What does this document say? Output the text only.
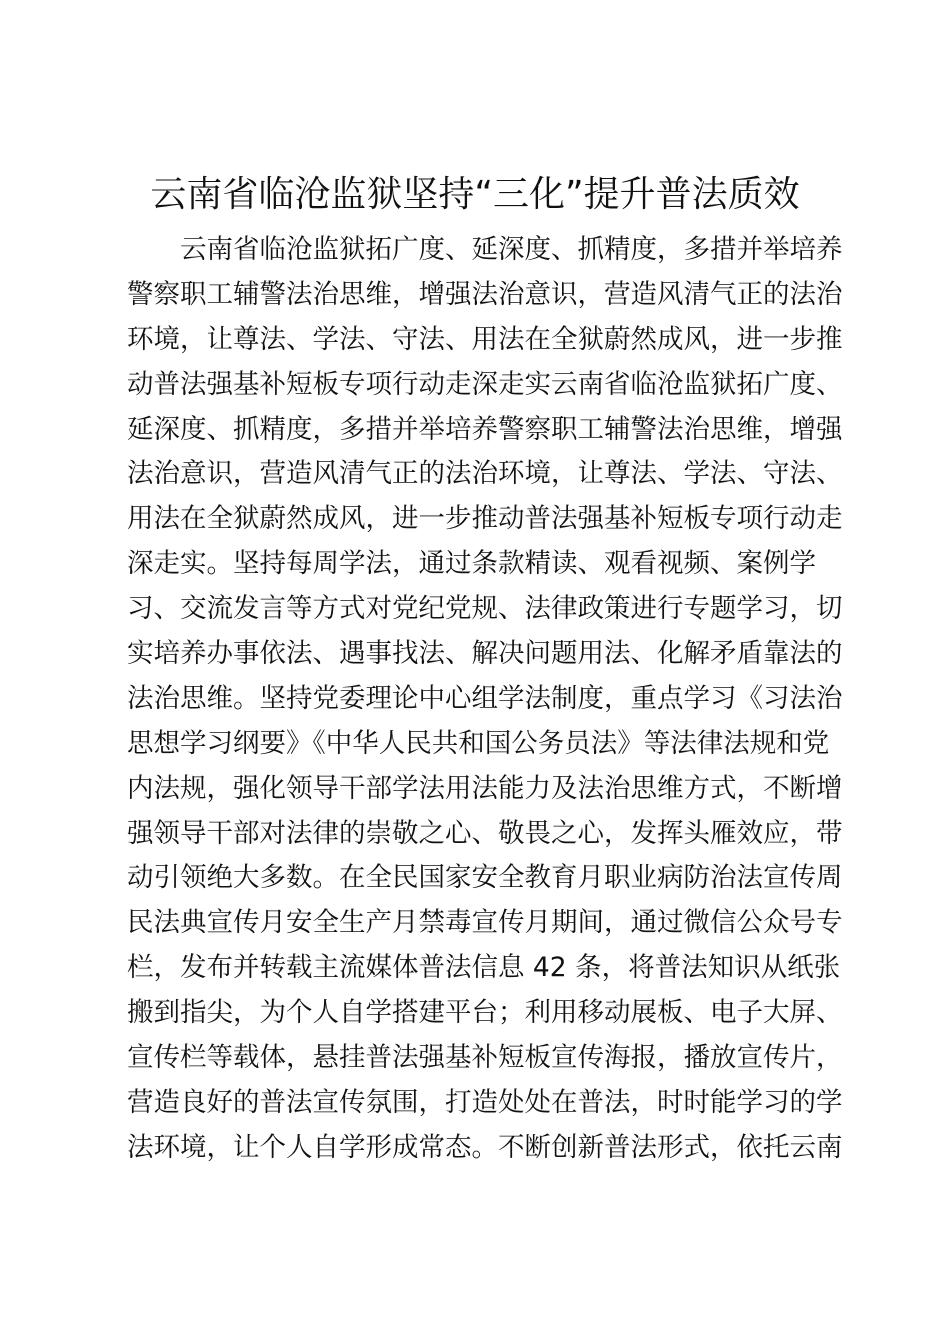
云南省临沧监狱坚持“三化”提升普法质效
云南省临沧监狱拓广度、延深度、抓精度，多措并举培养
警察职工辅警法治思维，增强法治意识，营造风清气正的法治
环境，让尊法、学法、守法、用法在全狱蔚然成风，进一步推
动普法强基补短板专项行动走深走实云南省临沧监狱拓广度、
延深度、抓精度，多措并举培养警察职工辅警法治思维，增强
法治意识，营造风清气正的法治环境，让尊法、学法、守法、
用法在全狱蔚然成风，进一步推动普法强基补短板专项行动走
深走实。坚持每周学法，通过条款精读、观看视频、案例学
习、交流发言等方式对党纪党规、法律政策进行专题学习，切
实培养办事依法、遇事找法、解决问题用法、化解矛盾靠法的
法治思维。坚持党委理论中心组学法制度，重点学习《习法治
思想学习纲要》《中华人民共和国公务员法》等法律法规和党
内法规，强化领导干部学法用法能力及法治思维方式，不断增
强领导干部对法律的崇敬之心、敬畏之心，发挥头雁效应，带
动引领绝大多数。在全民国家安全教育月职业病防治法宣传周
民法典宣传月安全生产月禁毒宣传月期间，通过微信公众号专
栏，发布并转载主流媒体普法信息 42 条，将普法知识从纸张
搬到指尖，为个人自学搭建平台；利用移动展板、电子大屏、
宣传栏等载体，悬挂普法强基补短板宣传海报，播放宣传片，
营造良好的普法宣传氛围，打造处处在普法，时时能学习的学
法环境，让个人自学形成常态。不断创新普法形式，依托云南
